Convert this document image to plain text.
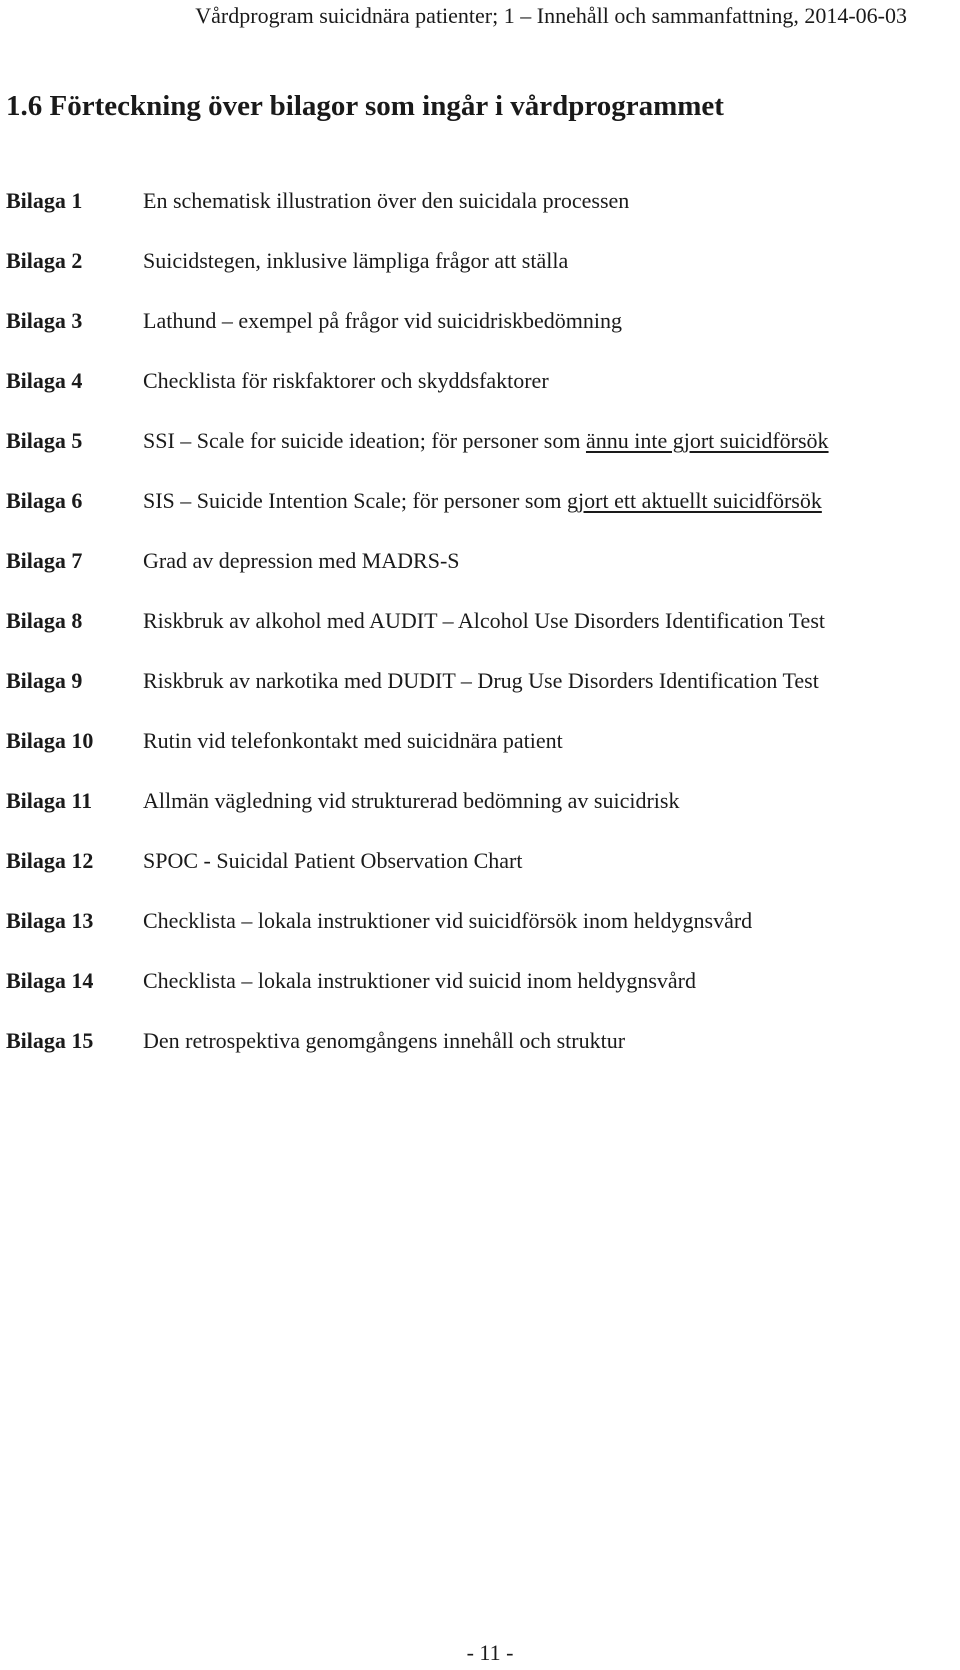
Vårdprogram suicidnära patienter; 1 – Innehåll och sammanfattning, 2014-06-03
1.6 Förteckning över bilagor som ingår i vårdprogrammet
Bilaga 1	En schematisk illustration över den suicidala processen
Bilaga 2	Suicidstegen, inklusive lämpliga frågor att ställa
Bilaga 3	Lathund – exempel på frågor vid suicidriskbedömning
Bilaga 4	Checklista för riskfaktorer och skyddsfaktorer
Bilaga 5	SSI – Scale for suicide ideation; för personer som ännu inte gjort suicidförsök
Bilaga 6	SIS – Suicide Intention Scale; för personer som gjort ett aktuellt suicidförsök
Bilaga 7	Grad av depression med MADRS-S
Bilaga 8	Riskbruk av alkohol med AUDIT – Alcohol Use Disorders Identification Test
Bilaga 9	Riskbruk av narkotika med DUDIT – Drug Use Disorders Identification Test
Bilaga 10 Rutin vid telefonkontakt med suicidnära patient
Bilaga 11 Allmän vägledning vid strukturerad bedömning av suicidrisk
Bilaga 12 SPOC - Suicidal Patient Observation Chart
Bilaga 13 Checklista – lokala instruktioner vid suicidförsök inom heldygnsvård
Bilaga 14 Checklista – lokala instruktioner vid suicid inom heldygnsvård
Bilaga 15 Den retrospektiva genomgångens innehåll och struktur
- 11 -
